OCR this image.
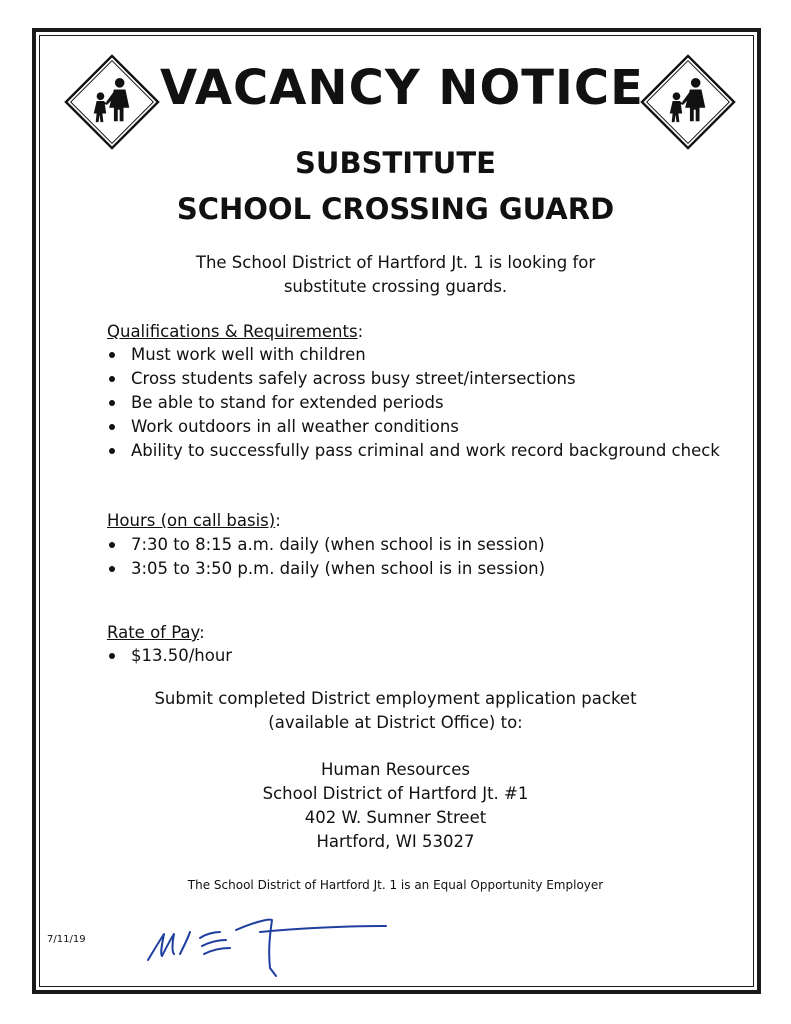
VACANCY NOTICE
SUBSTITUTE
SCHOOL CROSSING GUARD
The School District of Hartford Jt. 1 is looking for
substitute crossing guards.
Qualifications & Requirements:
Must work well with children
Cross students safely across busy street/intersections
Be able to stand for extended periods
Work outdoors in all weather conditions
Ability to successfully pass criminal and work record background check
Hours (on call basis):
7:30 to 8:15 a.m. daily (when school is in session)
3:05 to 3:50 p.m. daily (when school is in session)
Rate of Pay:
$13.50/hour
Submit completed District employment application packet
(available at District Office) to:
Human Resources
School District of Hartford Jt. #1
402 W. Sumner Street
Hartford, WI 53027
The School District of Hartford Jt. 1 is an Equal Opportunity Employer
7/11/19
